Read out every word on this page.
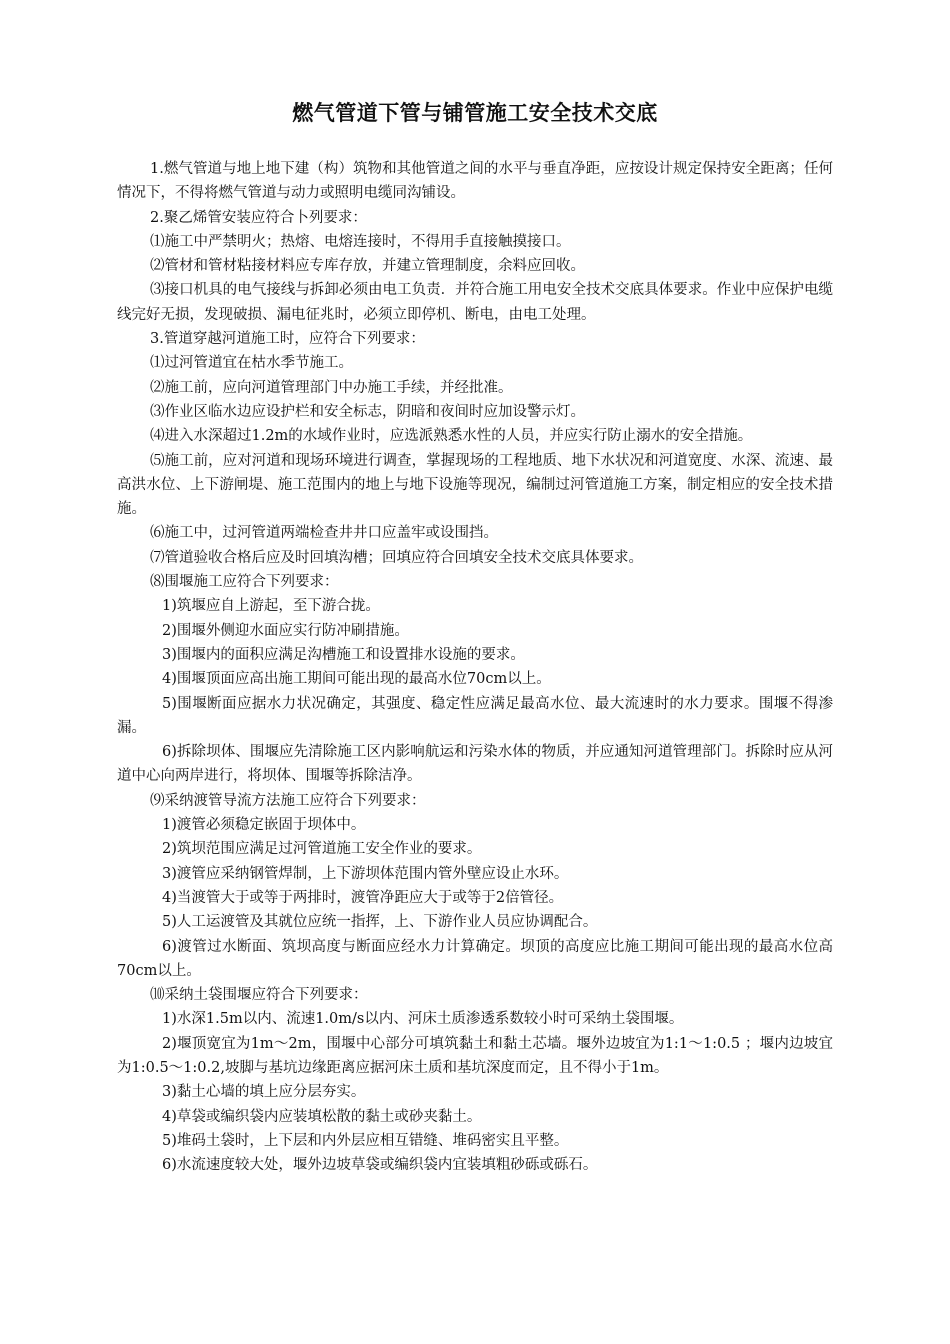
燃气管道下管与铺管施工安全技术交底

1.燃气管道与地上地下建（构）筑物和其他管道之间的水平与垂直净距，应按设计规定保持安全距离；任何情况下，不得将燃气管道与动力或照明电缆同沟铺设。

2.聚乙烯管安装应符合卜列要求：

⑴施工中严禁明火；热熔、电熔连接时，不得用手直接触摸接口。

⑵管材和管材粘接材料应专库存放，并建立管理制度，余料应回收。

⑶接口机具的电气接线与拆卸必须由电工负责．并符合施工用电安全技术交底具体要求。作业中应保护电缆线完好无损，发现破损、漏电征兆时，必须立即停机、断电，由电工处理。

3.管道穿越河道施工时，应符合下列要求：

⑴过河管道宜在枯水季节施工。

⑵施工前，应向河道管理部门中办施工手续，并经批准。

⑶作业区临水边应设护栏和安全标志，阴暗和夜间时应加设警示灯。

⑷进入水深超过1.2m的水域作业时，应选派熟悉水性的人员，并应实行防止溺水的安全措施。

⑸施工前，应对河道和现场环境进行调查，掌握现场的工程地质、地下水状况和河道宽度、水深、流速、最高洪水位、上下游闸堤、施工范围内的地上与地下设施等现况，编制过河管道施工方案，制定相应的安全技术措施。

⑹施工中，过河管道两端检查井井口应盖牢或设围挡。

⑺管道验收合格后应及时回填沟槽；回填应符合回填安全技术交底具体要求。

⑻围堰施工应符合下列要求：

1)筑堰应自上游起，至下游合拢。

2)围堰外侧迎水面应实行防冲刷措施。

3)围堰内的面积应满足沟槽施工和设置排水设施的要求。

4)围堰顶面应高出施工期间可能出现的最高水位70cm以上。

5)围堰断面应据水力状况确定，其强度、稳定性应满足最高水位、最大流速时的水力要求。围堰不得渗漏。

6)拆除坝体、围堰应先清除施工区内影响航运和污染水体的物质，并应通知河道管理部门。拆除时应从河道中心向两岸进行，将坝体、围堰等拆除洁净。

⑼采纳渡管导流方法施工应符合下列要求：

1)渡管必须稳定嵌固于坝体中。

2)筑坝范围应满足过河管道施工安全作业的要求。

3)渡管应采纳钢管焊制，上下游坝体范围内管外壁应设止水环。

4)当渡管大于或等于两排时，渡管净距应大于或等于2倍管径。

5)人工运渡管及其就位应统一指挥，上、下游作业人员应协调配合。

6)渡管过水断面、筑坝高度与断面应经水力计算确定。坝顶的高度应比施工期间可能出现的最高水位高70cm以上。

⑽采纳土袋围堰应符合下列要求：

1)水深1.5m以内、流速1.0m/s以内、河床土质渗透系数较小时可采纳土袋围堰。

2)堰顶宽宜为1m～2m，围堰中心部分可填筑黏土和黏土芯墙。堰外边坡宜为1:1～1:0.5 ；堰内边坡宜为1:0.5～1:0.2,坡脚与基坑边缘距离应据河床土质和基坑深度而定，且不得小于1m。

3)黏土心墙的填上应分层夯实。

4)草袋或编织袋内应装填松散的黏土或砂夹黏土。

5)堆码土袋时，上下层和内外层应相互错缝、堆码密实且平整。

6)水流速度较大处，堰外边坡草袋或编织袋内宜装填粗砂砾或砾石。
